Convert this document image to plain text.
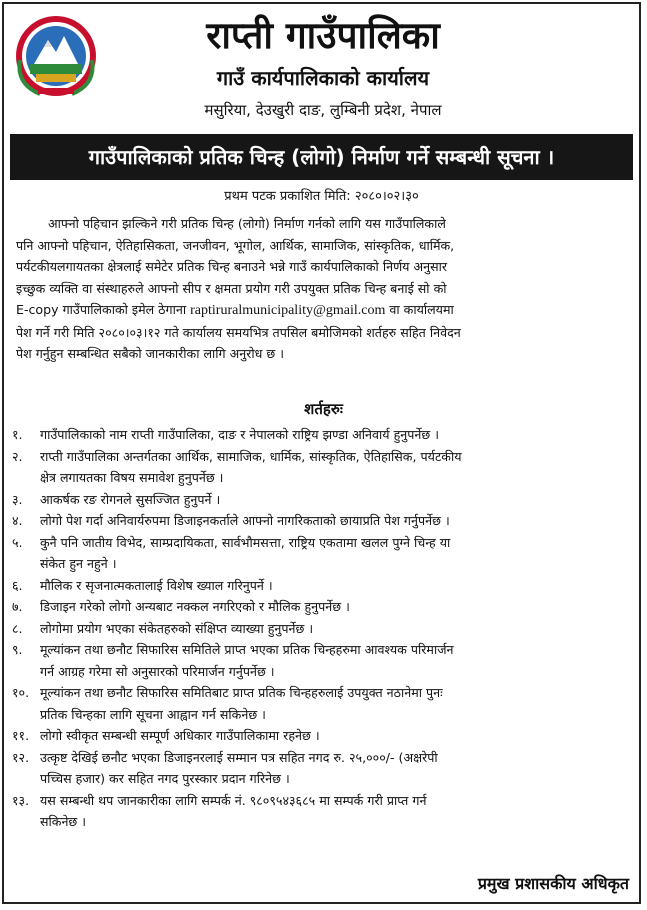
राप्ती गाउँपालिका
गाउँ कार्यपालिकाको कार्यालय
मसुरिया, देउखुरी दाङ, लुम्बिनी प्रदेश, नेपाल
गाउँपालिकाको प्रतिक चिन्ह (लोगो) निर्माण गर्ने सम्बन्धी सूचना ।
प्रथम पटक प्रकाशित मिति: २०८०।०२।३०
आफ्नो पहिचान झल्किने गरी प्रतिक चिन्ह (लोगो) निर्माण गर्नको लागि यस गाउँपालिकाले
पनि आफ्नो पहिचान, ऐतिहासिकता, जनजीवन, भूगोल, आर्थिक, सामाजिक, सांस्कृतिक, धार्मिक,
पर्यटकीयलगायतका क्षेत्रलाई समेटेर प्रतिक चिन्ह बनाउने भन्ने गाउँ कार्यपालिकाको निर्णय अनुसार
इच्छुक व्यक्ति वा संस्थाहरुले आफ्नो सीप र क्षमता प्रयोग गरी उपयुक्त प्रतिक चिन्ह बनाई सो को
E-copy गाउँपालिकाको इमेल ठेगाना raptiruralmunicipality@gmail.com वा कार्यालयमा
पेश गर्ने गरी मिति २०८०।०३।१२ गते कार्यालय समयभित्र तपसिल बमोजिमको शर्तहरु सहित निवेदन
पेश गर्नुहुन सम्बन्धित सबैको जानकारीका लागि अनुरोध छ ।
शर्तहरुः
१. गाउँपालिकाको नाम राप्ती गाउँपालिका, दाङ र नेपालको राष्ट्रिय झण्डा अनिवार्य हुनुपर्नेछ ।
२. राप्ती गाउँपालिका अन्तर्गतका आर्थिक, सामाजिक, धार्मिक, सांस्कृतिक, ऐतिहासिक, पर्यटकीय
क्षेत्र लगायतका विषय समावेश हुनुपर्नेछ ।
३. आकर्षक रङ रोगनले सुसज्जित हुनुपर्ने ।
४. लोगो पेश गर्दा अनिवार्यरुपमा डिजाइनकर्ताले आफ्नो नागरिकताको छायाप्रति पेश गर्नुपर्नेछ ।
५. कुनै पनि जातीय विभेद, साम्प्रदायिकता, सार्वभौमसत्ता, राष्ट्रिय एकतामा खलल पुग्ने चिन्ह या
संकेत हुन नहुने ।
६. मौलिक र सृजनात्मकतालाई विशेष ख्याल गरिनुपर्ने ।
७. डिजाइन गरेको लोगो अन्यबाट नक्कल नगरिएको र मौलिक हुनुपर्नेछ ।
८. लोगोमा प्रयोग भएका संकेतहरुको संक्षिप्त व्याख्या हुनुपर्नेछ ।
९. मूल्यांकन तथा छनौट सिफारिस समितिले प्राप्त भएका प्रतिक चिन्हहरुमा आवश्यक परिमार्जन
गर्न आग्रह गरेमा सो अनुसारको परिमार्जन गर्नुपर्नेछ ।
१०. मूल्यांकन तथा छनौट सिफारिस समितिबाट प्राप्त प्रतिक चिन्हहरुलाई उपयुक्त नठानेमा पुनः
प्रतिक चिन्हका लागि सूचना आह्वान गर्न सकिनेछ ।
११. लोगो स्वीकृत सम्बन्धी सम्पूर्ण अधिकार गाउँपालिकामा रहनेछ ।
१२. उत्कृष्ट देखिई छनौट भएका डिजाइनरलाई सम्मान पत्र सहित नगद रु. २५,०००/- (अक्षरेपी
पच्चिस हजार) कर सहित नगद पुरस्कार प्रदान गरिनेछ ।
१३. यस सम्बन्धी थप जानकारीका लागि सम्पर्क नं. ९८०९५४३६८५ मा सम्पर्क गरी प्राप्त गर्न
सकिनेछ ।
प्रमुख प्रशासकीय अधिकृत
